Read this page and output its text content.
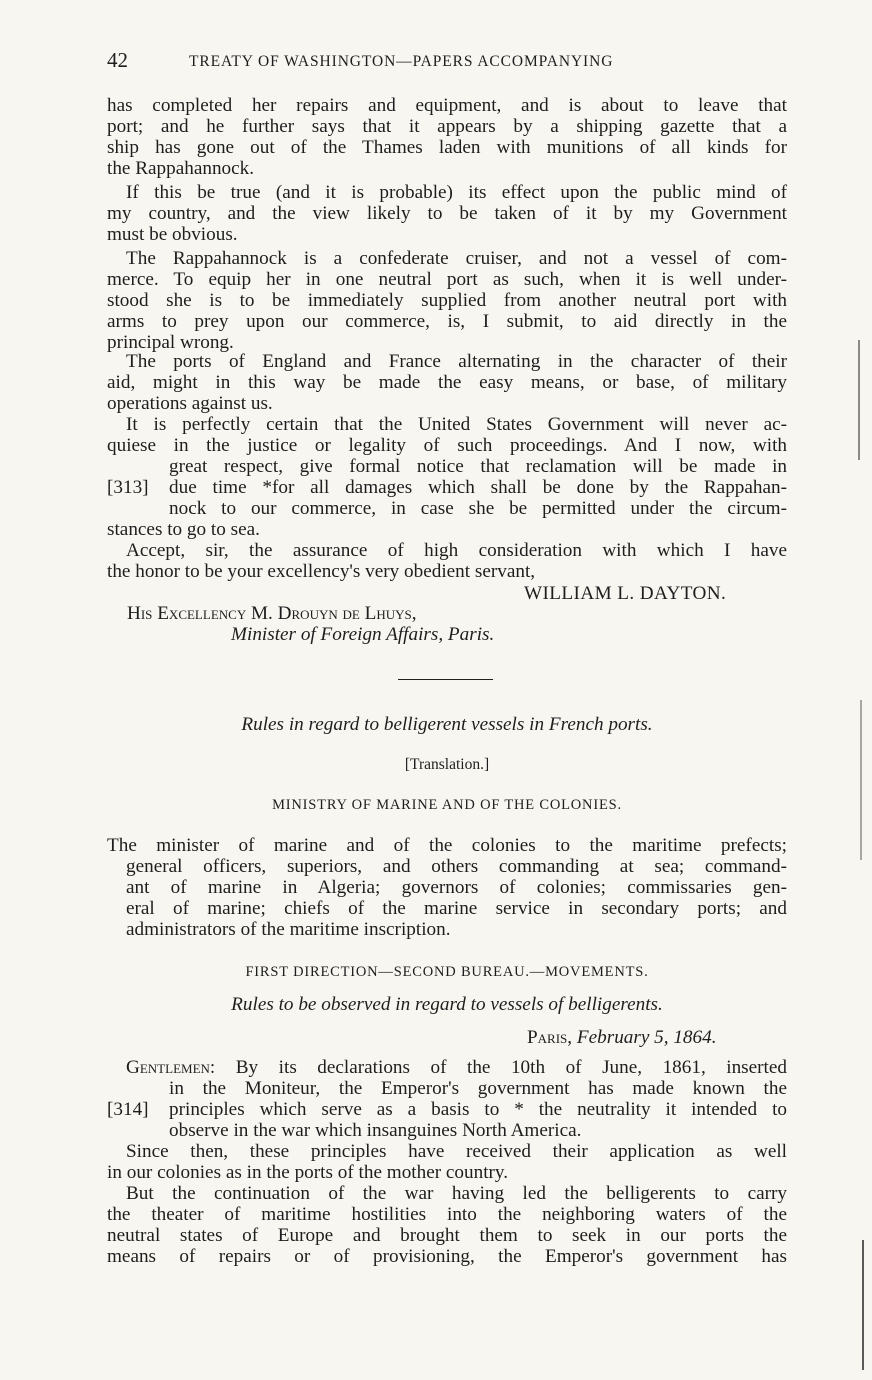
42	TREATY OF WASHINGTON—PAPERS ACCOMPANYING
has completed her repairs and equipment, and is about to leave that
port; and he further says that it appears by a shipping gazette that a
ship has gone out of the Thames laden with munitions of all kinds for
the Rappahannock.
If this be true (and it is probable) its effect upon the public mind of
my country, and the view likely to be taken of it by my Government
must be obvious.
The Rappahannock is a confederate cruiser, and not a vessel of com-
merce. To equip her in one neutral port as such, when it is well under-
stood she is to be immediately supplied from another neutral port with
arms to prey upon our commerce, is, I submit, to aid directly in the
principal wrong.
The ports of England and France alternating in the character of their
aid, might in this way be made the easy means, or base, of military
operations against us.
It is perfectly certain that the United States Government will never ac-
quiese in the justice or legality of such proceedings. And I now, with
great respect, give formal notice that reclamation will be made in
[313] due time *for all damages which shall be done by the Rappahan-
nock to our commerce, in case she be permitted under the circum-
stances to go to sea.
Accept, sir, the assurance of high consideration with which I have
the honor to be your excellency's very obedient servant,
WILLIAM L. DAYTON.
His Excellency M. Drouyn de Lhuys,
Minister of Foreign Affairs, Paris.
Rules in regard to belligerent vessels in French ports.
[Translation.]
MINISTRY OF MARINE AND OF THE COLONIES.
The minister of marine and of the colonies to the maritime prefects;
general officers, superiors, and others commanding at sea; command-
ant of marine in Algeria; governors of colonies; commissaries gen-
eral of marine; chiefs of the marine service in secondary ports; and
administrators of the maritime inscription.
FIRST DIRECTION—SECOND BUREAU.—MOVEMENTS.
Rules to be observed in regard to vessels of belligerents.
Paris, February 5, 1864.
Gentlemen: By its declarations of the 10th of June, 1861, inserted
in the Moniteur, the Emperor's government has made known the
[314] principles which serve as a basis to * the neutrality it intended to
observe in the war which insanguines North America.
Since then, these principles have received their application as well
in our colonies as in the ports of the mother country.
But the continuation of the war having led the belligerents to carry
the theater of maritime hostilities into the neighboring waters of the
neutral states of Europe and brought them to seek in our ports the
means of repairs or of provisioning, the Emperor's government has
